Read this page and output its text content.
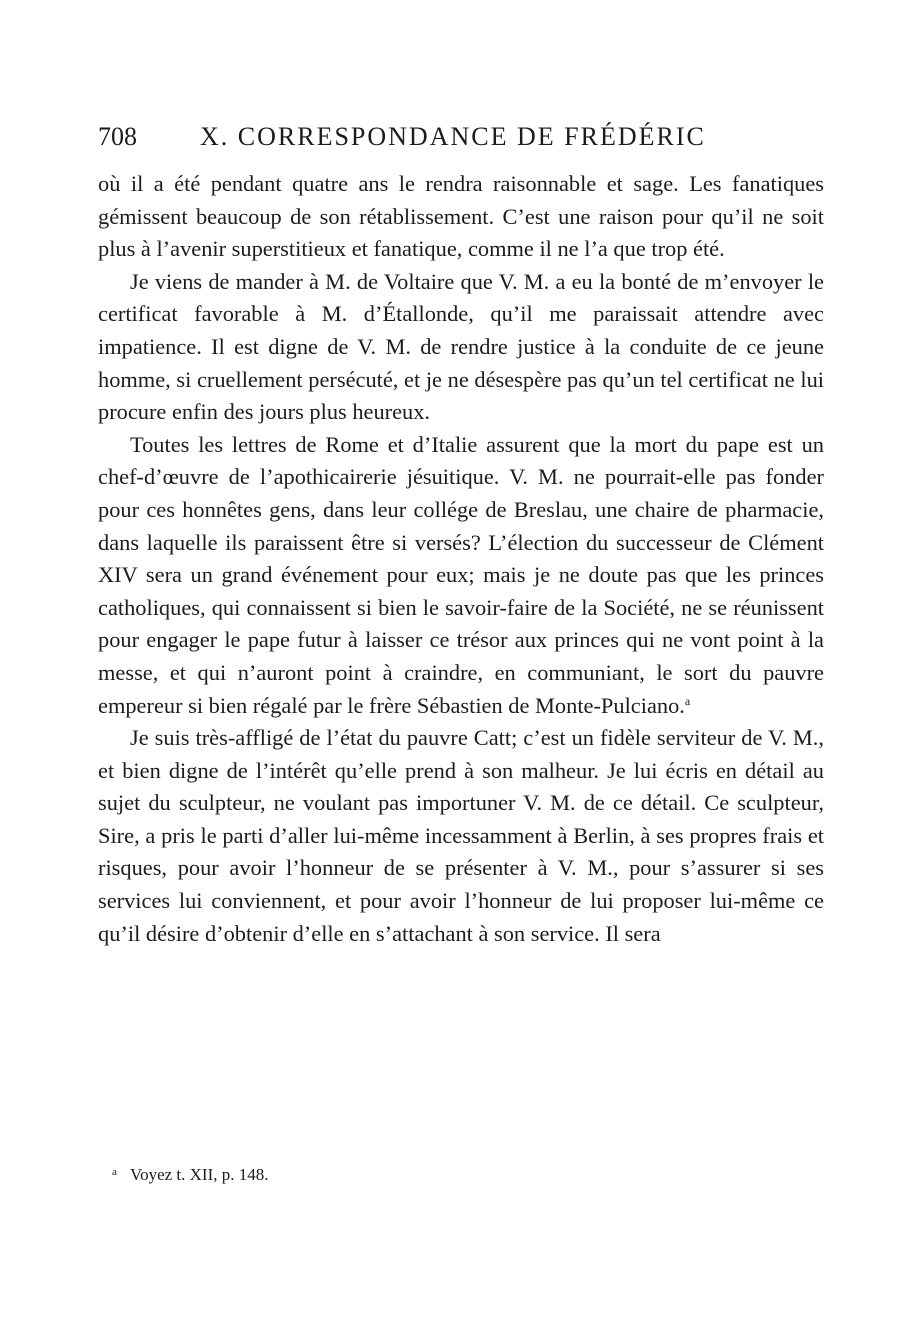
708 X. CORRESPONDANCE DE FRÉDÉRIC

où il a été pendant quatre ans le rendra raisonnable et sage. Les fanatiques gémissent beaucoup de son rétablissement. C’est une raison pour qu’il ne soit plus à l’avenir superstitieux et fanatique, comme il ne l’a que trop été.

Je viens de mander à M. de Voltaire que V. M. a eu la bonté de m’envoyer le certificat favorable à M. d’Étallonde, qu’il me paraissait attendre avec impatience. Il est digne de V. M. de rendre justice à la conduite de ce jeune homme, si cruellement persécuté, et je ne désespère pas qu’un tel certificat ne lui procure enfin des jours plus heureux.

Toutes les lettres de Rome et d’Italie assurent que la mort du pape est un chef-d’œuvre de l’apothicairerie jésuitique. V. M. ne pourrait-elle pas fonder pour ces honnêtes gens, dans leur collége de Breslau, une chaire de pharmacie, dans laquelle ils paraissent être si versés? L’élection du successeur de Clément XIV sera un grand événement pour eux; mais je ne doute pas que les princes catholiques, qui connaissent si bien le savoir-faire de la Société, ne se réunissent pour engager le pape futur à laisser ce trésor aux princes qui ne vont point à la messe, et qui n’auront point à craindre, en communiant, le sort du pauvre empereur si bien régalé par le frère Sébastien de Monte-Pulciano.$^a$

Je suis très-affligé de l’état du pauvre Catt; c’est un fidèle serviteur de V. M., et bien digne de l’intérêt qu’elle prend à son malheur. Je lui écris en détail au sujet du sculpteur, ne voulant pas importuner V. M. de ce détail. Ce sculpteur, Sire, a pris le parti d’aller lui-même incessamment à Berlin, à ses propres frais et risques, pour avoir l’honneur de se présenter à V. M., pour s’assurer si ses services lui conviennent, et pour avoir l’honneur de lui proposer lui-même ce qu’il désire d’obtenir d’elle en s’attachant à son service. Il sera

a Voyez t. XII, p. 148.
